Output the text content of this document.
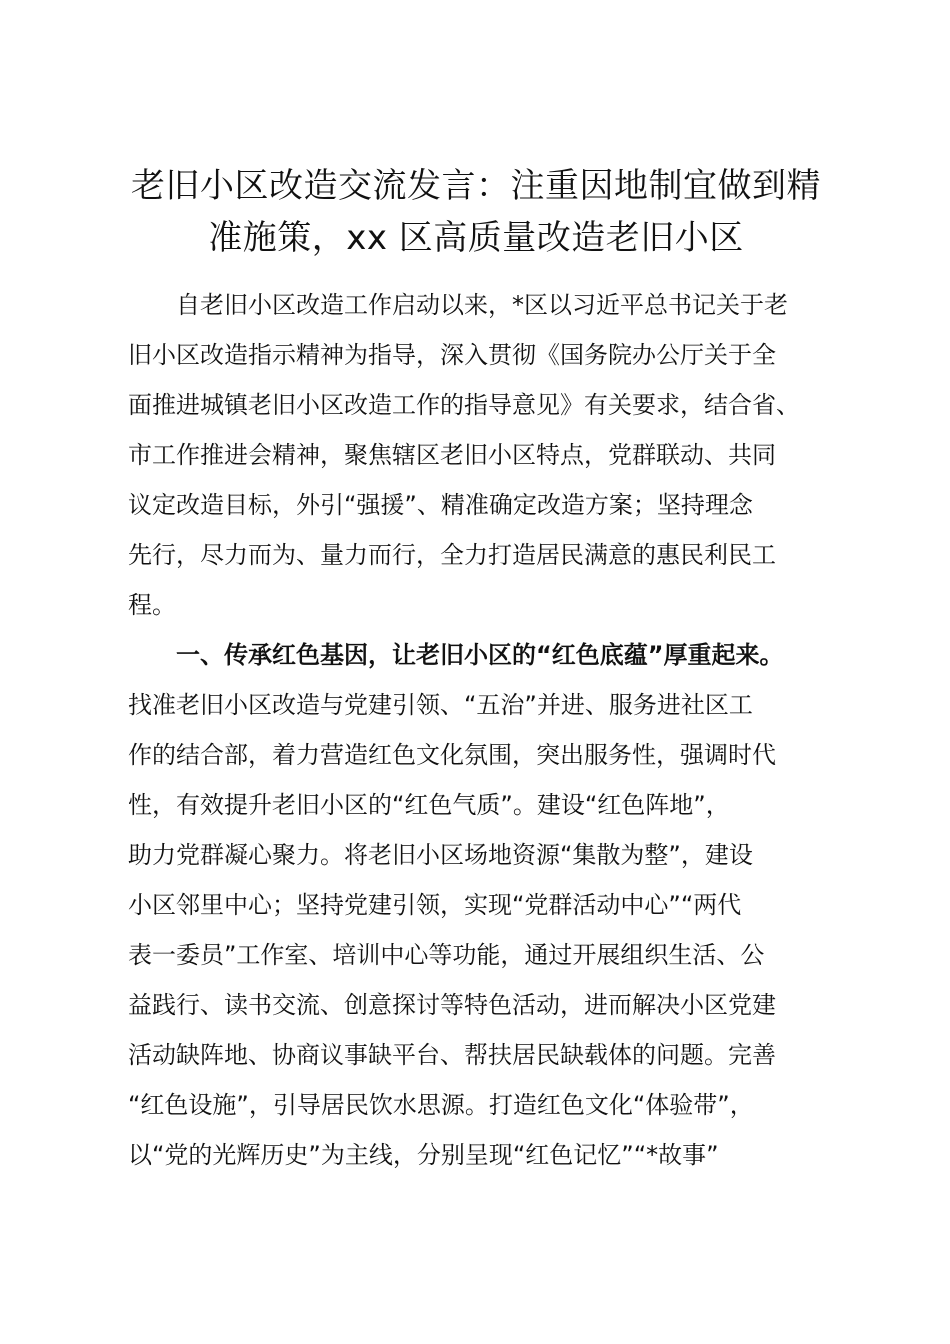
老旧小区改造交流发言：注重因地制宜做到精
准施策，xx 区高质量改造老旧小区
自老旧小区改造工作启动以来，*区以习近平总书记关于老
旧小区改造指示精神为指导，深入贯彻《国务院办公厅关于全
面推进城镇老旧小区改造工作的指导意见》有关要求，结合省、
市工作推进会精神，聚焦辖区老旧小区特点，党群联动、共同
议定改造目标，外引“强援”、精准确定改造方案；坚持理念
先行，尽力而为、量力而行，全力打造居民满意的惠民利民工
程。
一、传承红色基因，让老旧小区的“红色底蕴”厚重起来。
找准老旧小区改造与党建引领、“五治”并进、服务进社区工
作的结合部，着力营造红色文化氛围，突出服务性，强调时代
性，有效提升老旧小区的“红色气质”。建设“红色阵地”，
助力党群凝心聚力。将老旧小区场地资源“集散为整”，建设
小区邻里中心；坚持党建引领，实现“党群活动中心”“两代
表一委员”工作室、培训中心等功能，通过开展组织生活、公
益践行、读书交流、创意探讨等特色活动，进而解决小区党建
活动缺阵地、协商议事缺平台、帮扶居民缺载体的问题。完善
“红色设施”，引导居民饮水思源。打造红色文化“体验带”，
以“党的光辉历史”为主线，分别呈现“红色记忆”“*故事”
